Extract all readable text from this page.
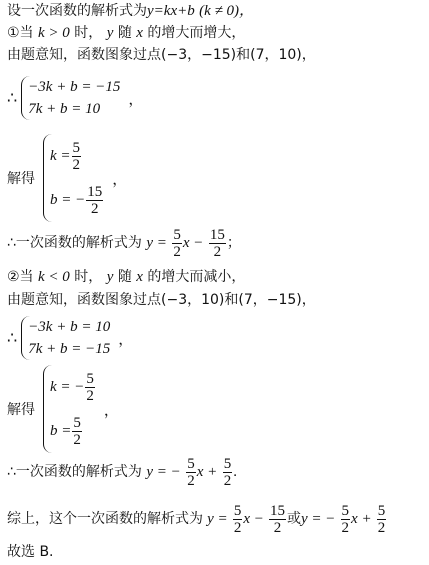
设一次函数的解析式为y=kx+b (k ≠ 0)，
①当 k > 0 时， y 随 x 的增大而增大，
由题意知，函数图象过点(−3，−15)和(7，10)，
∴
−3k + b = −15
7k + b = 10
，
解得
$k = \frac{5}{2}$
b = − $\frac{15}{2}$
，
∴一次函数的解析式为 $y = \frac{5}{2}$ $x - \frac{15}{2}$ ；
②当 k < 0 时， y 随 x 的增大而减小，
由题意知，函数图象过点(−3，10)和(7，−15)，
∴
−3k + b = 10
7k + b = −15
，
解得
k = − $\frac{5}{2}$
$b = \frac{5}{2}$
，
∴一次函数的解析式为 y = − $\frac{5}{2}$ $x + \frac{5}{2}$ .
综上，这个一次函数的解析式为 $y = \frac{5}{2}$ $x - \frac{15}{2}$ 或y = − $\frac{5}{2}$ $x + \frac{5}{2}$
故选 B.
